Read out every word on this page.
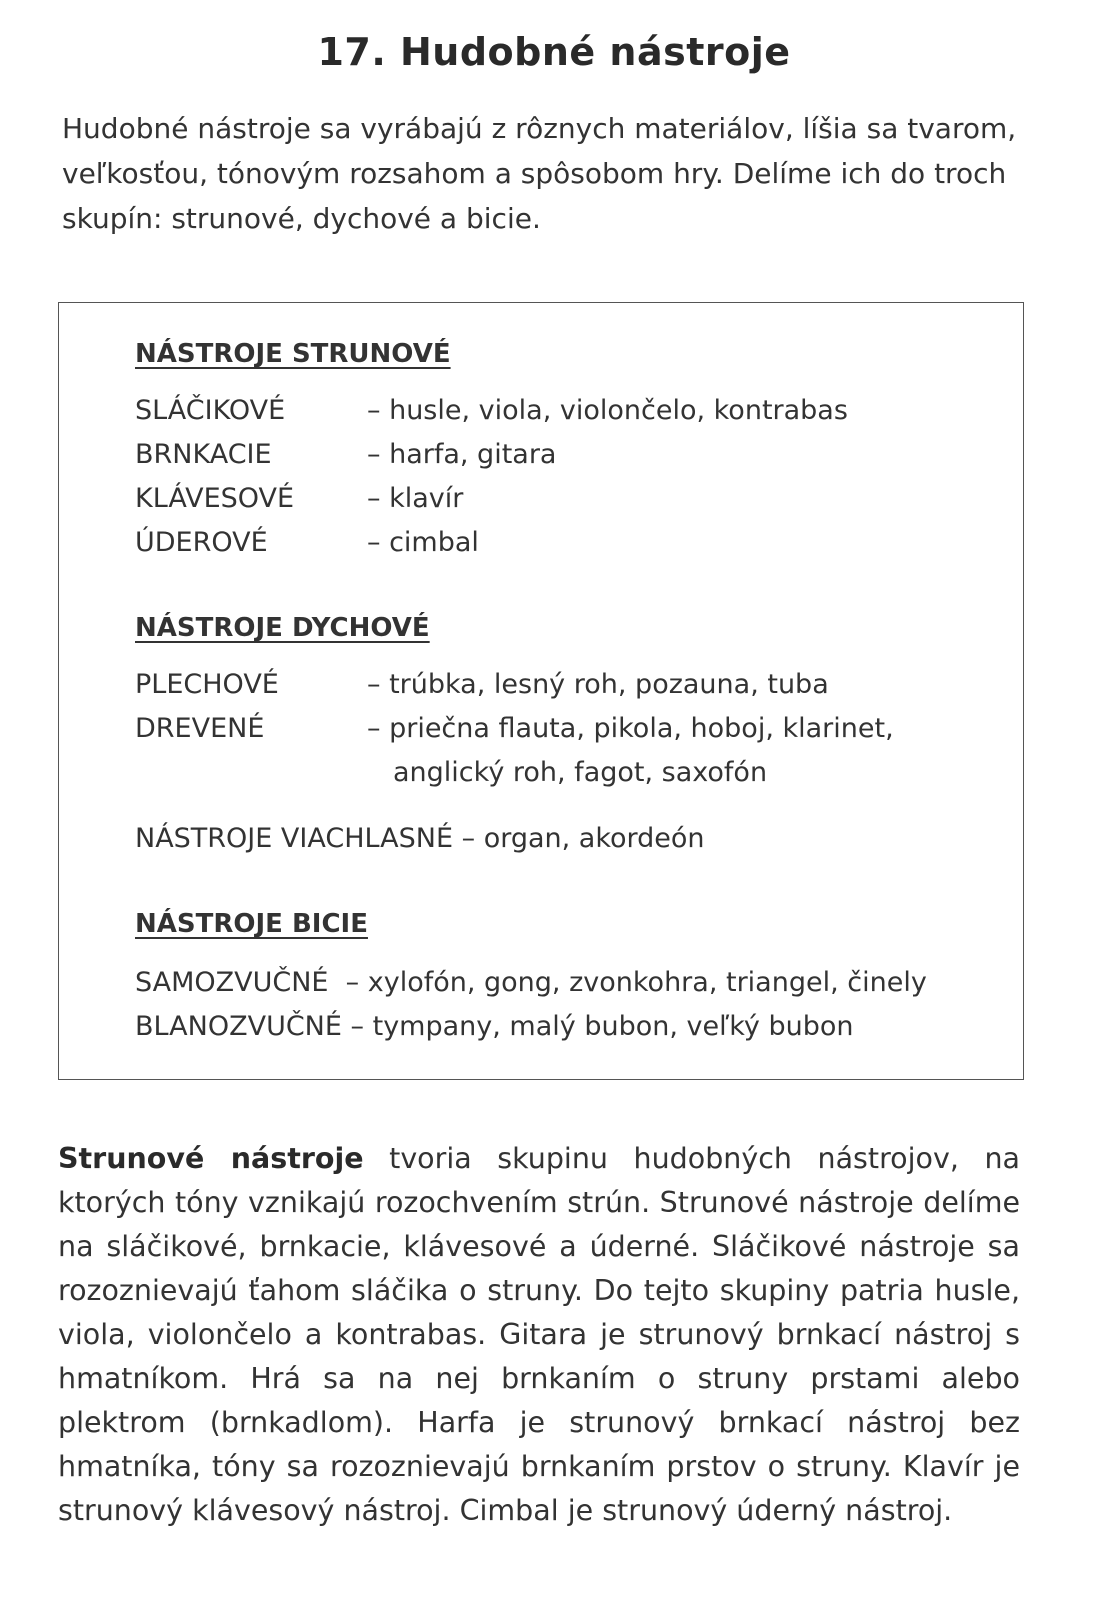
17. Hudobné nástroje

Hudobné nástroje sa vyrábajú z rôznych materiálov, líšia sa tvarom, veľkosťou, tónovým rozsahom a spôsobom hry. Delíme ich do troch skupín: strunové, dychové a bicie.

NÁSTROJE STRUNOVÉ
SLÁČIKOVÉ	– husle, viola, violončelo, kontrabas
BRNKACIE	– harfa, gitara
KLÁVESOVÉ	– klavír
ÚDEROVÉ	– cimbal
NÁSTROJE DYCHOVÉ
PLECHOVÉ	– trúbka, lesný roh, pozauna, tuba
DREVENÉ	– priečna flauta, pikola, hoboj, klarinet,
anglický roh, fagot, saxofón
NÁSTROJE VIACHLASNÉ – organ, akordeón
NÁSTROJE BICIE
SAMOZVUČNÉ  – xylofón, gong, zvonkohra, triangel, činely
BLANOZVUČNÉ – tympany, malý bubon, veľký bubon

Strunové nástroje tvoria skupinu hudobných nástrojov, na ktorých tóny vznikajú rozochvením strún. Strunové nástroje delíme na sláčikové, brnkacie, klávesové a úderné. Sláčikové nástroje sa rozoznievajú ťahom sláčika o struny. Do tejto skupiny patria husle, viola, violončelo a kontrabas. Gitara je strunový brnkací nástroj s hmatníkom. Hrá sa na nej brnkaním o struny prstami alebo plektrom (brnkadlom). Harfa je strunový brnkací nástroj bez hmatníka, tóny sa rozoznievajú brnkaním prstov o struny. Klavír je strunový klávesový nástroj. Cimbal je strunový úderný nástroj.
